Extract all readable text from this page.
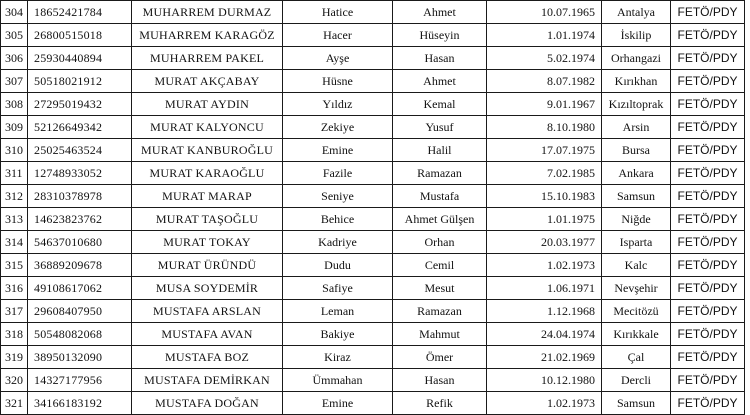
304	18652421784	MUHARREM DURMAZ	Hatice	Ahmet	10.07.1965	Antalya	FETÖ/PDY
305	26800515018	MUHARREM KARAGÖZ	Hacer	Hüseyin	1.01.1974	İskilip	FETÖ/PDY
306	25930440894	MUHARREM PAKEL	Ayşe	Hasan	5.02.1974	Orhangazi	FETÖ/PDY
307	50518021912	MURAT AKÇABAY	Hüsne	Ahmet	8.07.1982	Kırıkhan	FETÖ/PDY
308	27295019432	MURAT AYDIN	Yıldız	Kemal	9.01.1967	Kızıltoprak	FETÖ/PDY
309	52126649342	MURAT KALYONCU	Zekiye	Yusuf	8.10.1980	Arsin	FETÖ/PDY
310	25025463524	MURAT KANBUROĞLU	Emine	Halil	17.07.1975	Bursa	FETÖ/PDY
311	12748933052	MURAT KARAOĞLU	Fazile	Ramazan	7.02.1985	Ankara	FETÖ/PDY
312	28310378978	MURAT MARAP	Seniye	Mustafa	15.10.1983	Samsun	FETÖ/PDY
313	14623823762	MURAT TAŞOĞLU	Behice	Ahmet Gülşen	1.01.1975	Niğde	FETÖ/PDY
314	54637010680	MURAT TOKAY	Kadriye	Orhan	20.03.1977	Isparta	FETÖ/PDY
315	36889209678	MURAT ÜRÜNDÜ	Dudu	Cemil	1.02.1973	Kalc	FETÖ/PDY
316	49108617062	MUSA SOYDEMİR	Safiye	Mesut	1.06.1971	Nevşehir	FETÖ/PDY
317	29608407950	MUSTAFA ARSLAN	Leman	Ramazan	1.12.1968	Mecitözü	FETÖ/PDY
318	50548082068	MUSTAFA AVAN	Bakiye	Mahmut	24.04.1974	Kırıkkale	FETÖ/PDY
319	38950132090	MUSTAFA BOZ	Kiraz	Ömer	21.02.1969	Çal	FETÖ/PDY
320	14327177956	MUSTAFA DEMİRKAN	Ümmahan	Hasan	10.12.1980	Dercli	FETÖ/PDY
321	34166183192	MUSTAFA DOĞAN	Emine	Refik	1.02.1973	Samsun	FETÖ/PDY
